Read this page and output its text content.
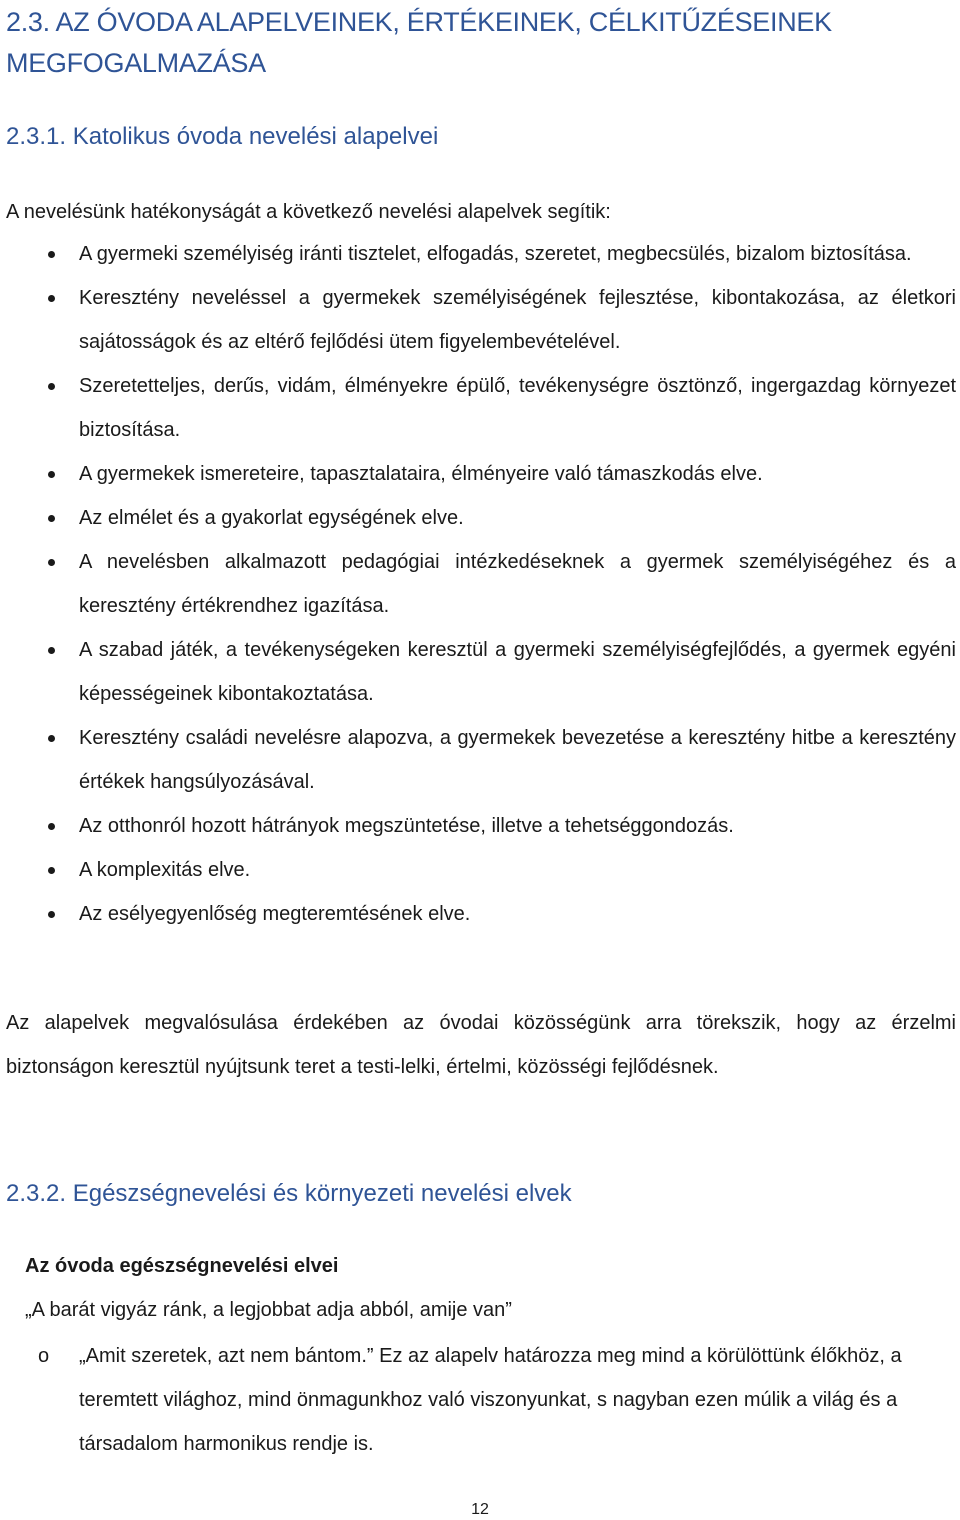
2.3. AZ ÓVODA ALAPELVEINEK, ÉRTÉKEINEK, CÉLKITŰZÉSEINEK MEGFOGALMAZÁSA
2.3.1. Katolikus óvoda nevelési alapelvei
A nevelésünk hatékonyságát a következő nevelési alapelvek segítik:
A gyermeki személyiség iránti tisztelet, elfogadás, szeretet, megbecsülés, bizalom biztosítása.
Keresztény neveléssel a gyermekek személyiségének fejlesztése, kibontakozása, az életkori sajátosságok és az eltérő fejlődési ütem figyelembevételével.
Szeretetteljes, derűs, vidám, élményekre épülő, tevékenységre ösztönző, ingergazdag környezet biztosítása.
A gyermekek ismereteire, tapasztalataira, élményeire való támaszkodás elve.
Az elmélet és a gyakorlat egységének elve.
A nevelésben alkalmazott pedagógiai intézkedéseknek a gyermek személyiségéhez és a keresztény értékrendhez igazítása.
A szabad játék, a tevékenységeken keresztül a gyermeki személyiségfejlődés, a gyermek egyéni képességeinek kibontakoztatása.
Keresztény családi nevelésre alapozva, a gyermekek bevezetése a keresztény hitbe a keresztény értékek hangsúlyozásával.
Az otthonról hozott hátrányok megszüntetése, illetve a tehetséggondozás.
A komplexitás elve.
Az esélyegyenlőség megteremtésének elve.
Az alapelvek megvalósulása érdekében az óvodai közösségünk arra törekszik, hogy az érzelmi biztonságon keresztül nyújtsunk teret a testi-lelki, értelmi, közösségi fejlődésnek.
2.3.2. Egészségnevelési és környezeti nevelési elvek
Az óvoda egészségnevelési elvei
„A barát vigyáz ránk, a legjobbat adja abból, amije van”
o „Amit szeretek, azt nem bántom.” Ez az alapelv határozza meg mind a körülöttünk élőkhöz, a teremtett világhoz, mind önmagunkhoz való viszonyunkat, s nagyban ezen múlik a világ és a társadalom harmonikus rendje is.
12
